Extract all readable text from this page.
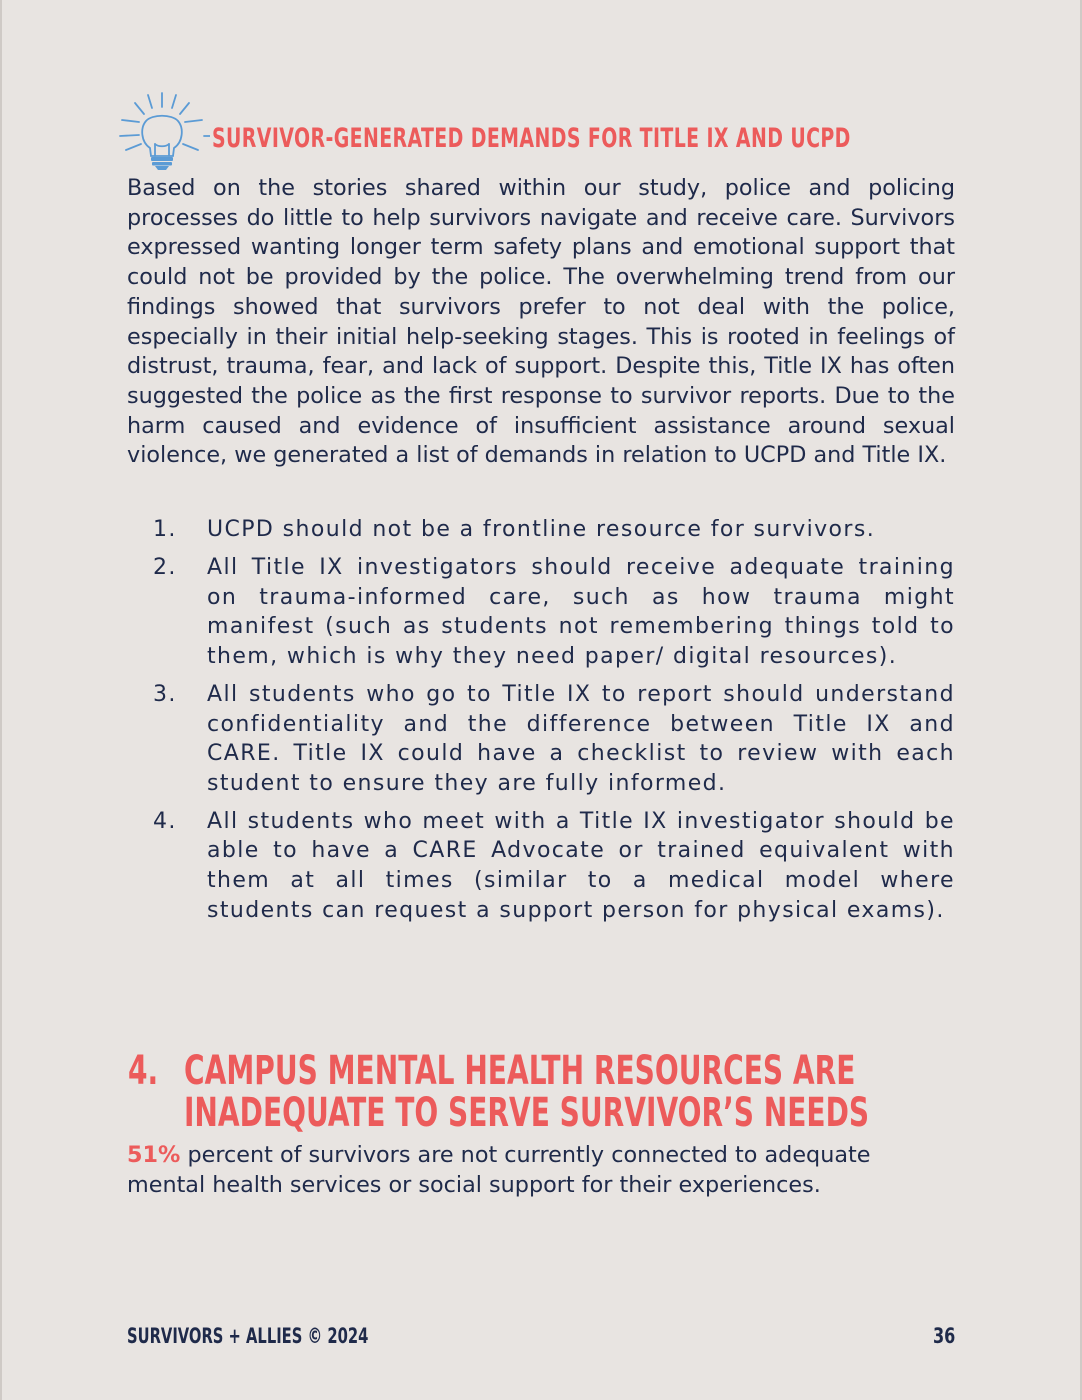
SURVIVOR-GENERATED DEMANDS FOR TITLE IX AND UCPD

Based on the stories shared within our study, police and policing processes do little to help survivors navigate and receive care. Survivors expressed wanting longer term safety plans and emotional support that could not be provided by the police. The overwhelming trend from our findings showed that survivors prefer to not deal with the police, especially in their initial help-seeking stages. This is rooted in feelings of distrust, trauma, fear, and lack of support. Despite this, Title IX has often suggested the police as the first response to survivor reports. Due to the harm caused and evidence of insufficient assistance around sexual violence, we generated a list of demands in relation to UCPD and Title IX.

1. UCPD should not be a frontline resource for survivors.
2. All Title IX investigators should receive adequate training on trauma-informed care, such as how trauma might manifest (such as students not remembering things told to them, which is why they need paper/ digital resources).
3. All students who go to Title IX to report should understand confidentiality and the difference between Title IX and CARE. Title IX could have a checklist to review with each student to ensure they are fully informed.
4. All students who meet with a Title IX investigator should be able to have a CARE Advocate or trained equivalent with them at all times (similar to a medical model where students can request a support person for physical exams).
4. CAMPUS MENTAL HEALTH RESOURCES ARE
INADEQUATE TO SERVE SURVIVOR’S NEEDS

51% percent of survivors are not currently connected to adequate mental health services or social support for their experiences.

SURVIVORS + ALLIES © 2024	36
